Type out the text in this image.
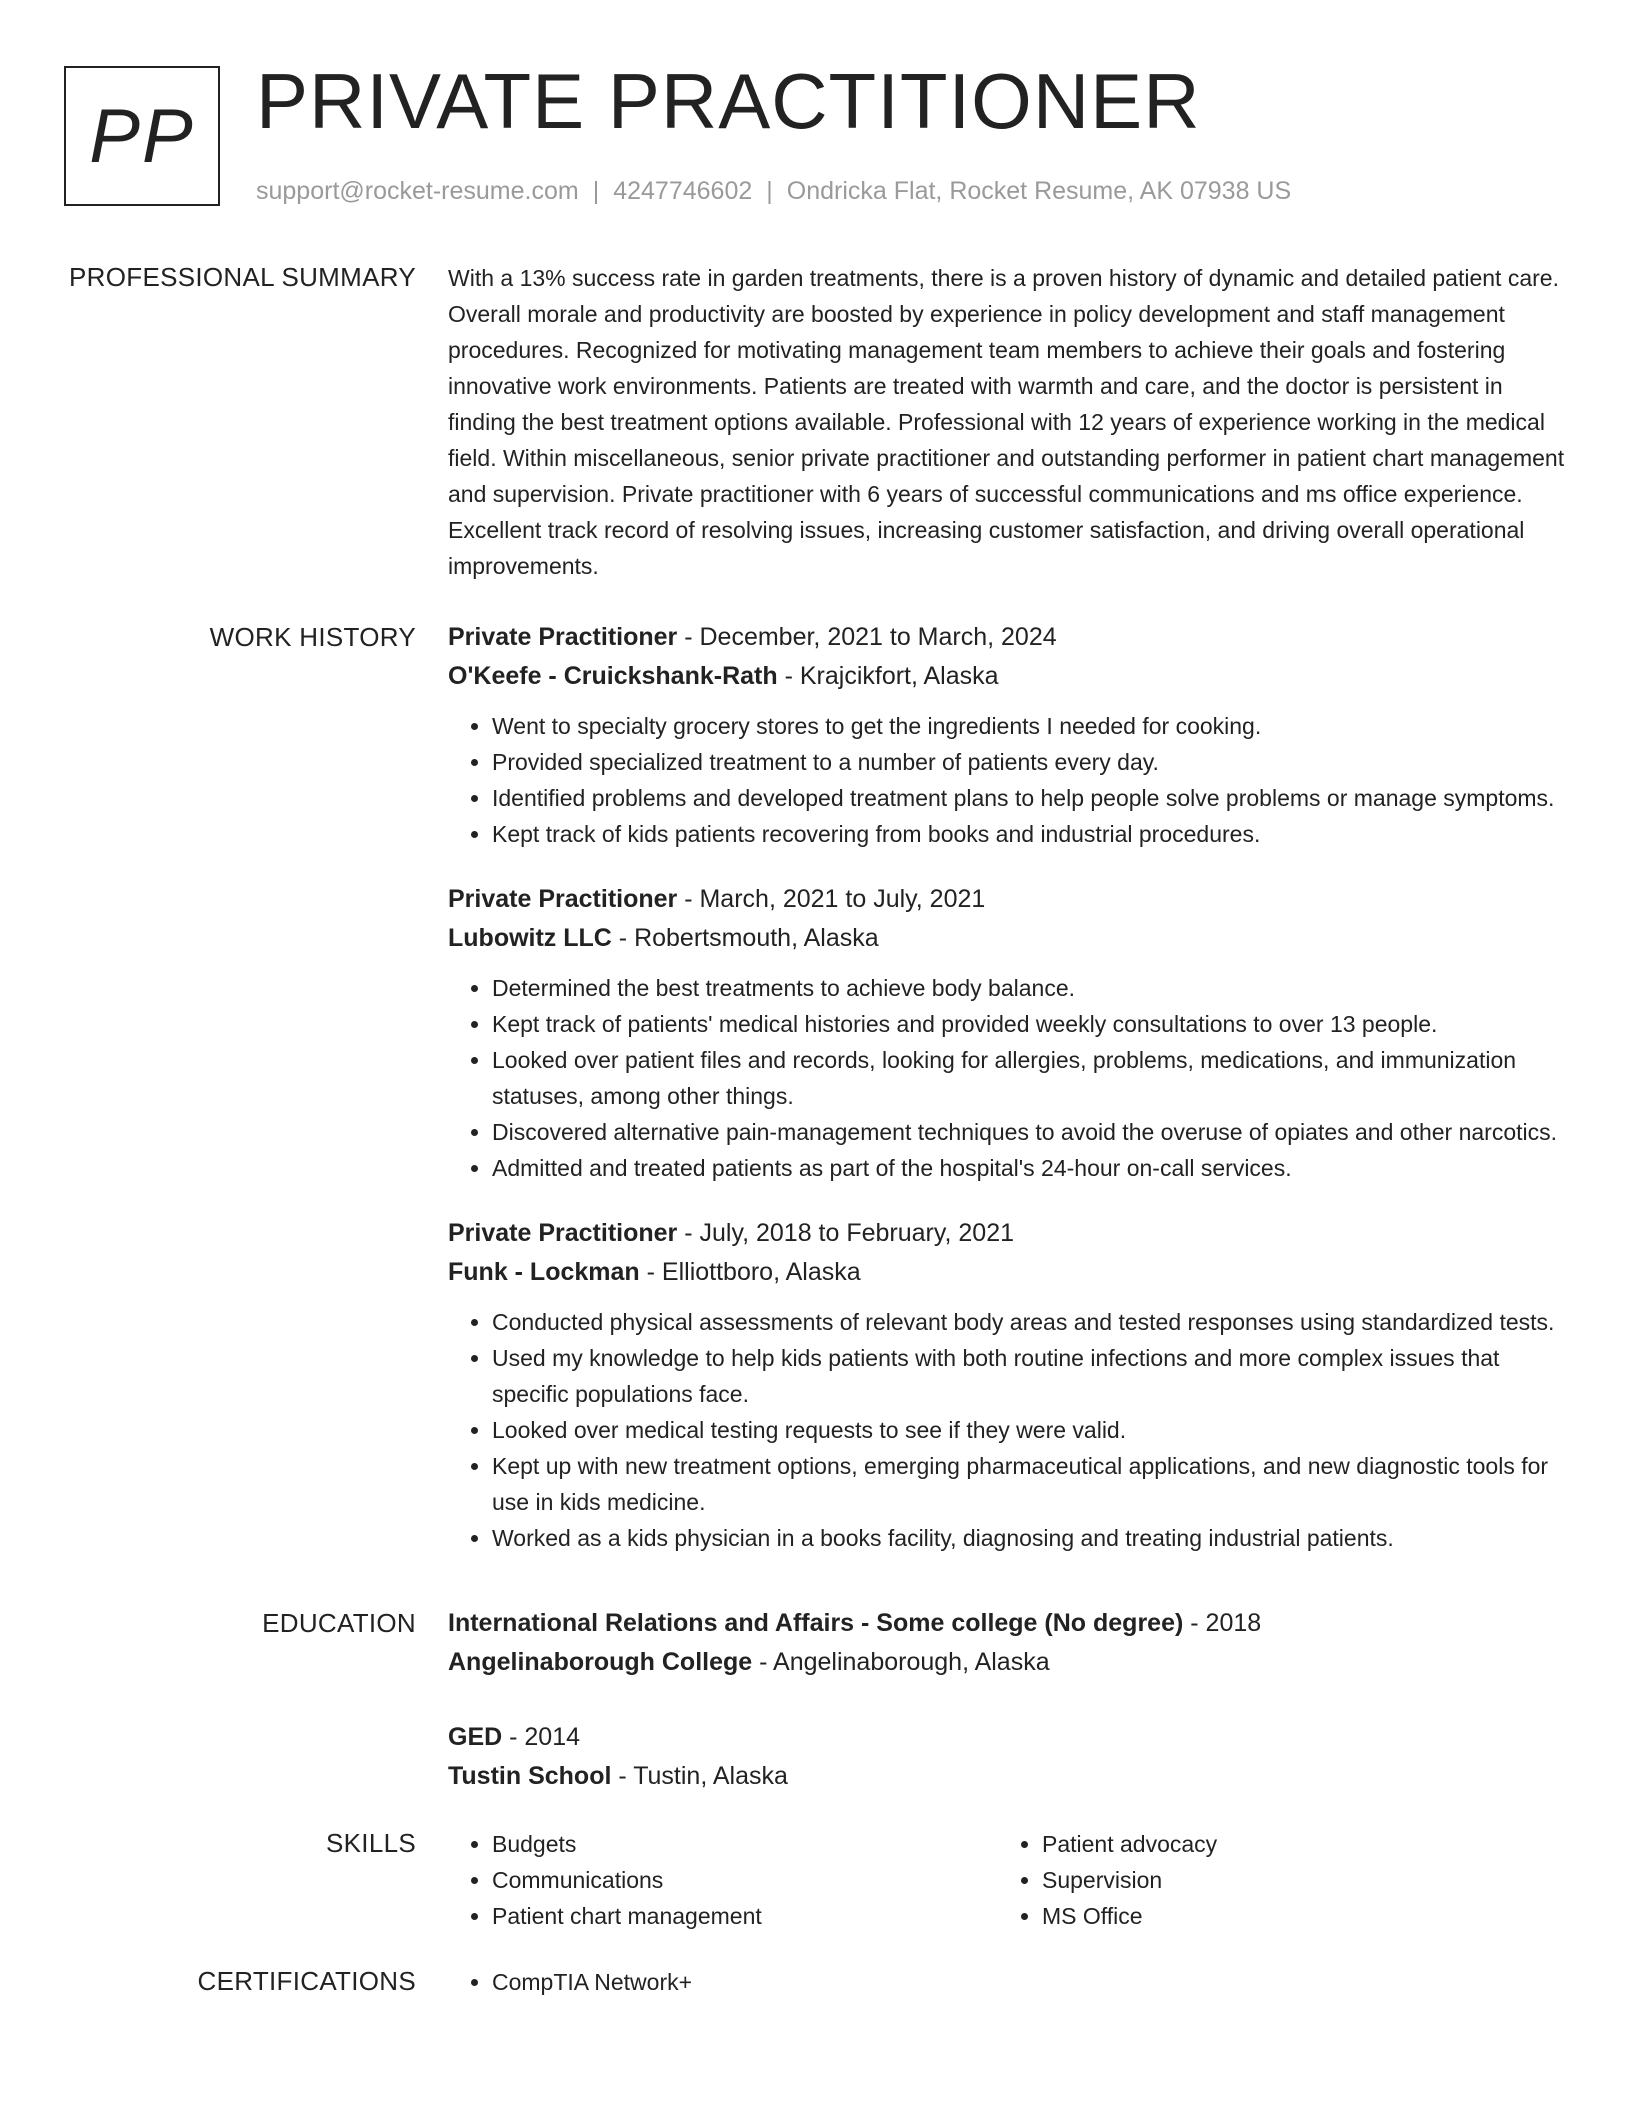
PP PRIVATE PRACTITIONER
support@rocket-resume.com | 4247746602 | Ondricka Flat, Rocket Resume, AK 07938 US
PROFESSIONAL SUMMARY With a 13% success rate in garden treatments, there is a proven history of dynamic and detailed patient care. Overall morale and productivity are boosted by experience in policy development and staff management procedures. Recognized for motivating management team members to achieve their goals and fostering innovative work environments. Patients are treated with warmth and care, and the doctor is persistent in finding the best treatment options available. Professional with 12 years of experience working in the medical field. Within miscellaneous, senior private practitioner and outstanding performer in patient chart management and supervision. Private practitioner with 6 years of successful communications and ms office experience. Excellent track record of resolving issues, increasing customer satisfaction, and driving overall operational improvements.

WORK HISTORY Private Practitioner - December, 2021 to March, 2024
O'Keefe - Cruickshank-Rath - Krajcikfort, Alaska
• Went to specialty grocery stores to get the ingredients I needed for cooking.
• Provided specialized treatment to a number of patients every day.
• Identified problems and developed treatment plans to help people solve problems or manage symptoms.
• Kept track of kids patients recovering from books and industrial procedures.
Private Practitioner - March, 2021 to July, 2021
Lubowitz LLC - Robertsmouth, Alaska
• Determined the best treatments to achieve body balance.
• Kept track of patients' medical histories and provided weekly consultations to over 13 people.
• Looked over patient files and records, looking for allergies, problems, medications, and immunization statuses, among other things.
• Discovered alternative pain-management techniques to avoid the overuse of opiates and other narcotics.
• Admitted and treated patients as part of the hospital's 24-hour on-call services.
Private Practitioner - July, 2018 to February, 2021
Funk - Lockman - Elliottboro, Alaska
• Conducted physical assessments of relevant body areas and tested responses using standardized tests.
• Used my knowledge to help kids patients with both routine infections and more complex issues that specific populations face.
• Looked over medical testing requests to see if they were valid.
• Kept up with new treatment options, emerging pharmaceutical applications, and new diagnostic tools for use in kids medicine.
• Worked as a kids physician in a books facility, diagnosing and treating industrial patients.
EDUCATION International Relations and Affairs - Some college (No degree) - 2018
Angelinaborough College - Angelinaborough, Alaska
GED - 2014
Tustin School - Tustin, Alaska
SKILLS	• Budgets
• Communications
• Patient chart management
• Patient advocacy
• Supervision
• MS Office
CERTIFICATIONS	• CompTIA Network+
